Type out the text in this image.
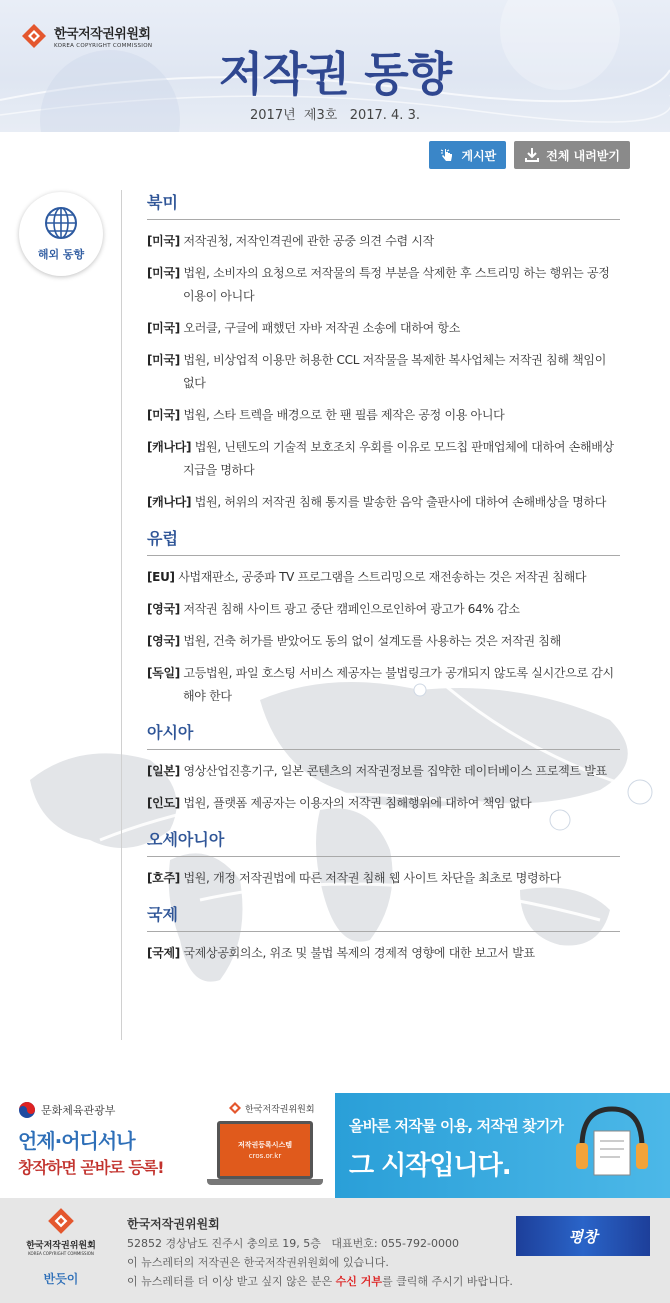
한국저작권위원회
KOREA COPYRIGHT COMMISSION
저작권 동향
2017년  제3호   2017. 4. 3.
게시판	전체 내려받기
해외 동향
북미
[미국] 저작권청, 저작인격권에 관한 공중 의견 수렴 시작
[미국] 법원, 소비자의 요청으로 저작물의 특정 부분을 삭제한 후 스트리밍 하는 행위는 공정 이용이 아니다
[미국] 오러클, 구글에 패했던 자바 저작권 소송에 대하여 항소
[미국] 법원, 비상업적 이용만 허용한 CCL 저작물을 복제한 복사업체는 저작권 침해 책임이 없다
[미국] 법원, 스타 트렉을 배경으로 한 팬 필름 제작은 공정 이용 아니다
[캐나다] 법원, 닌텐도의 기술적 보호조치 우회를 이유로 모드칩 판매업체에 대하여 손해배상 지급을 명하다
[캐나다] 법원, 허위의 저작권 침해 통지를 발송한 음악 출판사에 대하여 손해배상을 명하다
유럽
[EU] 사법재판소, 공중파 TV 프로그램을 스트리밍으로 재전송하는 것은 저작권 침해다
[영국] 저작권 침해 사이트 광고 중단 캠페인으로인하여 광고가 64% 감소
[영국] 법원, 건축 허가를 받았어도 동의 없이 설계도를 사용하는 것은 저작권 침해
[독일] 고등법원, 파일 호스팅 서비스 제공자는 불법링크가 공개되지 않도록 실시간으로 감시해야 한다
아시아
[일본] 영상산업진흥기구, 일본 콘텐츠의 저작권정보를 집약한 데이터베이스 프로젝트 발표
[인도] 법원, 플랫폼 제공자는 이용자의 저작권 침해행위에 대하여 책임 없다
오세아니아
[호주] 법원, 개정 저작권법에 따른 저작권 침해 웹 사이트 차단을 최초로 명령하다
국제
[국제] 국제상공회의소, 위조 및 불법 복제의 경제적 영향에 대한 보고서 발표
문화체육관광부	한국저작권위원회
언제·어디서나
창작하면 곧바로 등록!
저작권등록시스템
cros.or.kr
올바른 저작물 이용, 저작권 찾기가
그 시작입니다.
한국저작권위원회
KOREA COPYRIGHT COMMISSION
반듯이
한국저작권위원회
52852 경상남도 진주시 충의로 19, 5층   대표번호: 055-792-0000
이 뉴스레터의 저작권은 한국저작권위원회에 있습니다.
이 뉴스레터를 더 이상 받고 싶지 않은 분은 수신 거부를 클릭해 주시기 바랍니다.
평창
